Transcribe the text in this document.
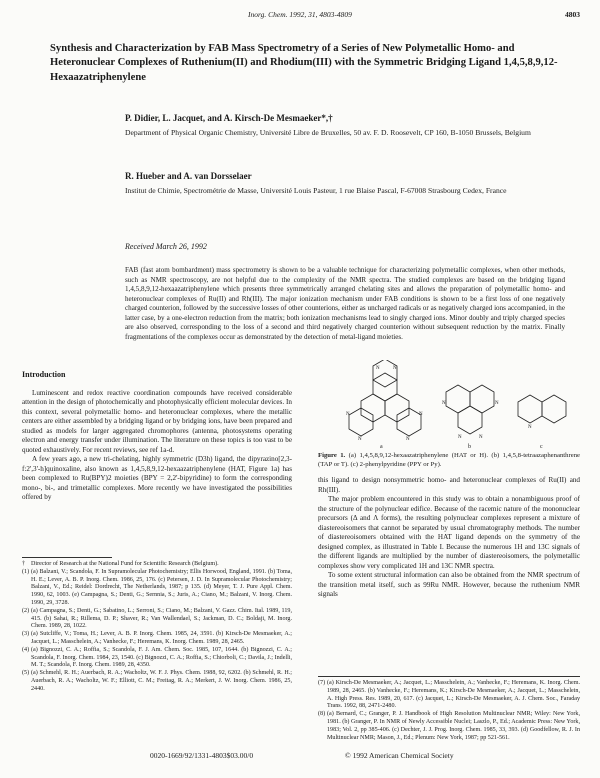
Inorg. Chem. 1992, 31, 4803-4809	4803
Synthesis and Characterization by FAB Mass Spectrometry of a Series of New Polymetallic Homo- and Heteronuclear Complexes of Ruthenium(II) and Rhodium(III) with the Symmetric Bridging Ligand 1,4,5,8,9,12-Hexaazatriphenylene
P. Didier, L. Jacquet, and A. Kirsch-De Mesmaeker*,†
Department of Physical Organic Chemistry, Université Libre de Bruxelles, 50 av. F. D. Roosevelt, CP 160, B-1050 Brussels, Belgium
R. Hueber and A. van Dorsselaer
Institut de Chimie, Spectrométrie de Masse, Université Louis Pasteur, 1 rue Blaise Pascal, F-67008 Strasbourg Cedex, France
Received March 26, 1992
FAB (fast atom bombardment) mass spectrometry is shown to be a valuable technique for characterizing polymetallic complexes, when other methods, such as NMR spectroscopy, are not helpful due to the complexity of the NMR spectra. The studied complexes are based on the bridging ligand 1,4,5,8,9,12-hexaazatriphenylene which presents three symmetrically arranged chelating sites and allows the preparation of polymetallic homo- and heteronuclear complexes of Ru(II) and Rh(III). The major ionization mechanism under FAB conditions is shown to be a first loss of one negatively charged counterion, followed by the successive losses of other counterions, either as uncharged radicals or as negatively charged ions accompanied, in the latter case, by a one-electron reduction from the matrix; both ionization mechanisms lead to singly charged ions. Minor doubly and triply charged species are also observed, corresponding to the loss of a second and third negatively charged counterion without subsequent reduction by the matrix. Finally fragmentations of the complexes occur as demonstrated by the detection of metal-ligand moieties.

Introduction

Luminescent and redox reactive coordination compounds have received considerable attention in the design of photochemically and photophysically efficient molecular devices. In this context, several polymetallic homo- and heteronuclear complexes, where the metallic centers are either assembled by a bridging ligand or by bridging ions, have been prepared and studied as models for larger aggregated chromophores (antenna, photosystems operating electron and energy transfer under illumination. The literature on these topics is too vast to be quoted exhaustively. For recent reviews, see ref 1a-d.

A few years ago, a new tri-chelating, highly symmetric (D3h) ligand, the dipyrazino[2,3-f:2',3'-h]quinoxaline, also known as 1,4,5,8,9,12-hexaazatriphenylene (HAT, Figure 1a) has been complexed to Ru(BPY)2 moieties (BPY = 2,2'-bipyridine) to form the corresponding mono-, bi-, and trimetallic complexes. More recently we have investigated the possibilities offered by

† Director of Research at the National Fund for Scientific Research (Belgium).

(1) (a) Balzani, V.; Scandola, F. In Supramolecular Photochemistry; Ellis Horwood, England, 1991. (b) Toma, H. E.; Lever, A. B. P. Inorg. Chem. 1986, 25, 176. (c) Petersen, J. D. In Supramolecular Photochemistry; Balzani, V., Ed.; Reidel: Dordrecht, The Netherlands, 1987; p 135. (d) Meyer, T. J. Pure Appl. Chem. 1990, 62, 1003. (e) Campagna, S.; Denti, G.; Sernnia, S.; Juris, A.; Ciano, M.; Balzani, V. Inorg. Chem. 1990, 29, 3728.

(2) (a) Campagna, S.; Denti, G.; Sabatino, L.; Serroni, S.; Ciano, M.; Balzani, V. Gazz. Chim. Ital. 1989, 119, 415. (b) Sahai, R.; Rillema, D. P.; Shaver, R.; Van Wallendael, S.; Jackman, D. C.; Boldaji, M. Inorg. Chem. 1989, 28, 1022.

(3) (a) Sutcliffe, V.; Toma, H.; Lever, A. B. P. Inorg. Chem. 1985, 24, 3591. (b) Kirsch-De Mesmaeker, A.; Jacquet, L.; Masschelein, A.; Vanhecke, F.; Heremans, K. Inorg. Chem. 1989, 28, 2465.

(4) (a) Bignozzi, C. A.; Roffia, S.; Scandola, F. J. Am. Chem. Soc. 1985, 107, 1644. (b) Bignozzi, C. A.; Scandola, F. Inorg. Chem. 1984, 23, 1540. (c) Bignozzi, C. A.; Roffia, S.; Chiorboli, C.; Davila, J.; Indelli, M. T.; Scandola, F. Inorg. Chem. 1989, 28, 4350.

(5) (a) Schmehl, R. H.; Auerbach, R. A.; Wacholtz, W. F. J. Phys. Chem. 1988, 92, 6202. (b) Schmehl, R. H.; Auerbach, R. A.; Wacholtz, W. F.; Elliott, C. M.; Freitag, R. A.; Merkert, J. W. Inorg. Chem. 1986, 25, 2440.

N	N
N
N
N
N
a
N	N
N	N
b
N
c
Figure 1. (a) 1,4,5,8,9,12-hexaazatriphenylene (HAT or H). (b) 1,4,5,8-tetraazaphenanthrene (TAP or T). (c) 2-phenylpyridine (PPY or Py).

this ligand to design nonsymmetric homo- and heteronuclear complexes of Ru(II) and Rh(III).

The major problem encountered in this study was to obtain a nonambiguous proof of the structure of the polynuclear edifice. Because of the racemic nature of the mononuclear precursors (Δ and Λ forms), the resulting polynuclear complexes represent a mixture of diastereoisomers that cannot be separated by usual chromatography methods. The number of diastereoisomers obtained with the HAT ligand depends on the symmetry of the designed complex, as illustrated in Table I. Because the numerous 1H and 13C signals of the different ligands are multiplied by the number of diastereoisomers, the polymetallic complexes show very complicated 1H and 13C NMR spectra.

To some extent structural information can also be obtained from the NMR spectrum of the transition metal itself, such as 99Ru NMR. However, because the ruthenium NMR signals

(7) (a) Kirsch-De Mesmaeker, A.; Jacquet, L.; Masschelein, A.; Vanhecke, F.; Heremans, K. Inorg. Chem. 1989, 28, 2465. (b) Vanhecke, F.; Heremans, K.; Kirsch-De Mesmaeker, A.; Jacquet, L.; Masschelein, A. High Press. Res. 1989, 20, 617. (c) Jacquet, L.; Kirsch-De Mesmaeker, A. J. Chem. Soc., Faraday Trans. 1992, 88, 2471-2480.

(8) (a) Bernard, C.; Granger, P. J. Handbook of High Resolution Multinuclear NMR; Wiley: New York, 1981. (b) Granger, P. In NMR of Newly Accessible Nuclei; Laszlo, P., Ed.; Academic Press: New York, 1983; Vol. 2, pp 385-406. (c) Dechter, J. J. Prog. Inorg. Chem. 1985, 33, 393. (d) Goodfellow, R. J. In Multinuclear NMR; Mason, J., Ed.; Plenum: New York, 1987; pp 521-561.

0020-1669/92/1331-4803$03.00/0	© 1992 American Chemical Society
